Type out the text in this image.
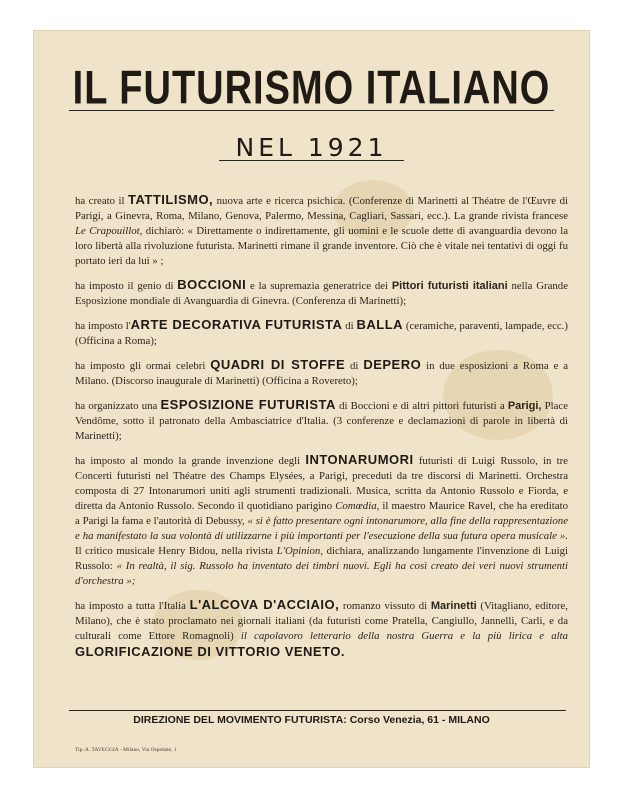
IL FUTURISMO ITALIANO
NEL 1921

ha creato il TATTILISMO, nuova arte e ricerca psichica. (Conferenze di Marinetti al Théatre de l'Œuvre di Parigi, a Ginevra, Roma, Milano, Genova, Palermo, Messina, Cagliari, Sassari, ecc.). La grande rivista francese Le Crapouillot, dichiarò: « Direttamente o indirettamente, gli uomini e le scuole dette di avanguardia devono la loro libertà alla rivoluzione futurista. Marinetti rimane il grande inventore. Ciò che è vitale nei tentativi di oggi fu portato ieri da lui » ;

ha imposto il genio di BOCCIONI e la supremazia generatrice dei Pittori futuristi italiani nella Grande Esposizione mondiale di Avanguardia di Ginevra. (Conferenza di Marinetti);

ha imposto l'ARTE DECORATIVA FUTURISTA di BALLA (ceramiche, paraventi, lampade, ecc.) (Officina a Roma);

ha imposto gli ormai celebri QUADRI DI STOFFE di DEPERO in due esposizioni a Roma e a Milano. (Discorso inaugurale di Marinetti) (Officina a Rovereto);

ha organizzato una ESPOSIZIONE FUTURISTA di Boccioni e di altri pittori futuristi a Parigi, Place Vendôme, sotto il patronato della Ambasciatrice d'Italia. (3 conferenze e declamazioni di parole in libertà di Marinetti);

ha imposto al mondo la grande invenzione degli INTONARUMORI futuristi di Luigi Russolo, in tre Concerti futuristi nel Théatre des Champs Elysées, a Parigi, preceduti da tre discorsi di Marinetti. Orchestra composta di 27 Intonarumori uniti agli strumenti tradizionali. Musica, scritta da Antonio Russolo e Fiorda, e diretta da Antonio Russolo. Secondo il quotidiano parigino Comœdia, il maestro Maurice Ravel, che ha ereditato a Parigi la fama e l'autorità di Debussy, « si è fatto presentare ogni intonarumore, alla fine della rappresentazione e ha manifestato la sua volontà di utilizzarne i più importanti per l'esecuzione della sua futura opera musicale ». Il critico musicale Henry Bidou, nella rivista L'Opinion, dichiara, analizzando lungamente l'invenzione di Luigi Russolo: « In realtà, il sig. Russolo ha inventato dei timbri nuovi. Egli ha così creato dei veri nuovi strumenti d'orchestra »;

ha imposto a tutta l'Italia L'ALCOVA D'ACCIAIO, romanzo vissuto di Marinetti (Vitagliano, editore, Milano), che è stato proclamato nei giornali italiani (da futuristi come Pratella, Cangiullo, Jannelli, Carli, e da culturali come Ettore Romagnoli) il capolavoro letterario della nostra Guerra e la più lirica e alta GLORIFICAZIONE DI VITTORIO VENETO.

DIREZIONE DEL MOVIMENTO FUTURISTA: Corso Venezia, 61 - MILANO
Tip. A. TAVEGGIA - Milano, Via Ospedale, 1
